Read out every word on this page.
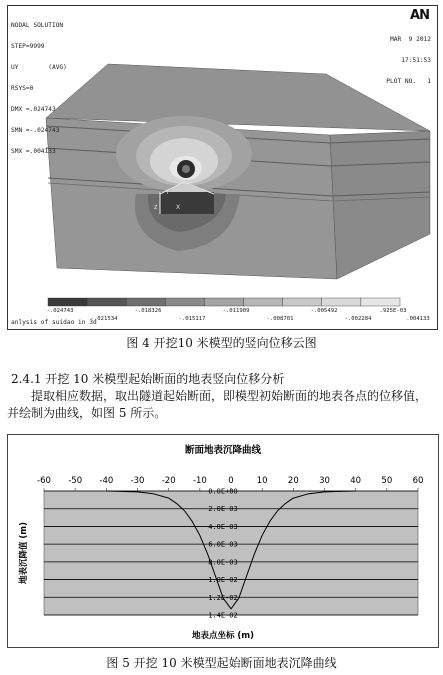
X
Y
Z

NODAL SOLUTION

STEP=9999

UY        (AVG)

RSYS=0

DMX =.024743

SMN =-.024743

SMX =.004133

AN

MAR  9 2012

17:51:53

PLOT NO.   1

-.024743	-.018326	-.011909	-.005492	.925E-03
-.021534	-.015117	-.008701	-.002284	.004133
anlysis of suidao in 3d
图 4 开挖10 米模型的竖向位移云图
2.4.1 开挖 10 米模型起始断面的地表竖向位移分析
提取相应数据，取出隧道起始断面，即模型初始断面的地表各点的位移值，并绘制为曲线，如图 5 所示。
-60 -50 -40 -30 -20 -10	0	10 20 30 40 50 60
0.0E+00
2.0E-03
4.0E-03
6.0E-03
8.0E-03
1.0E-02
1.2E-02
1.4E-02
断面地表沉降曲线
地表点坐标 (m)
地表沉降值 (m)
图 5 开挖 10 米模型起始断面地表沉降曲线
